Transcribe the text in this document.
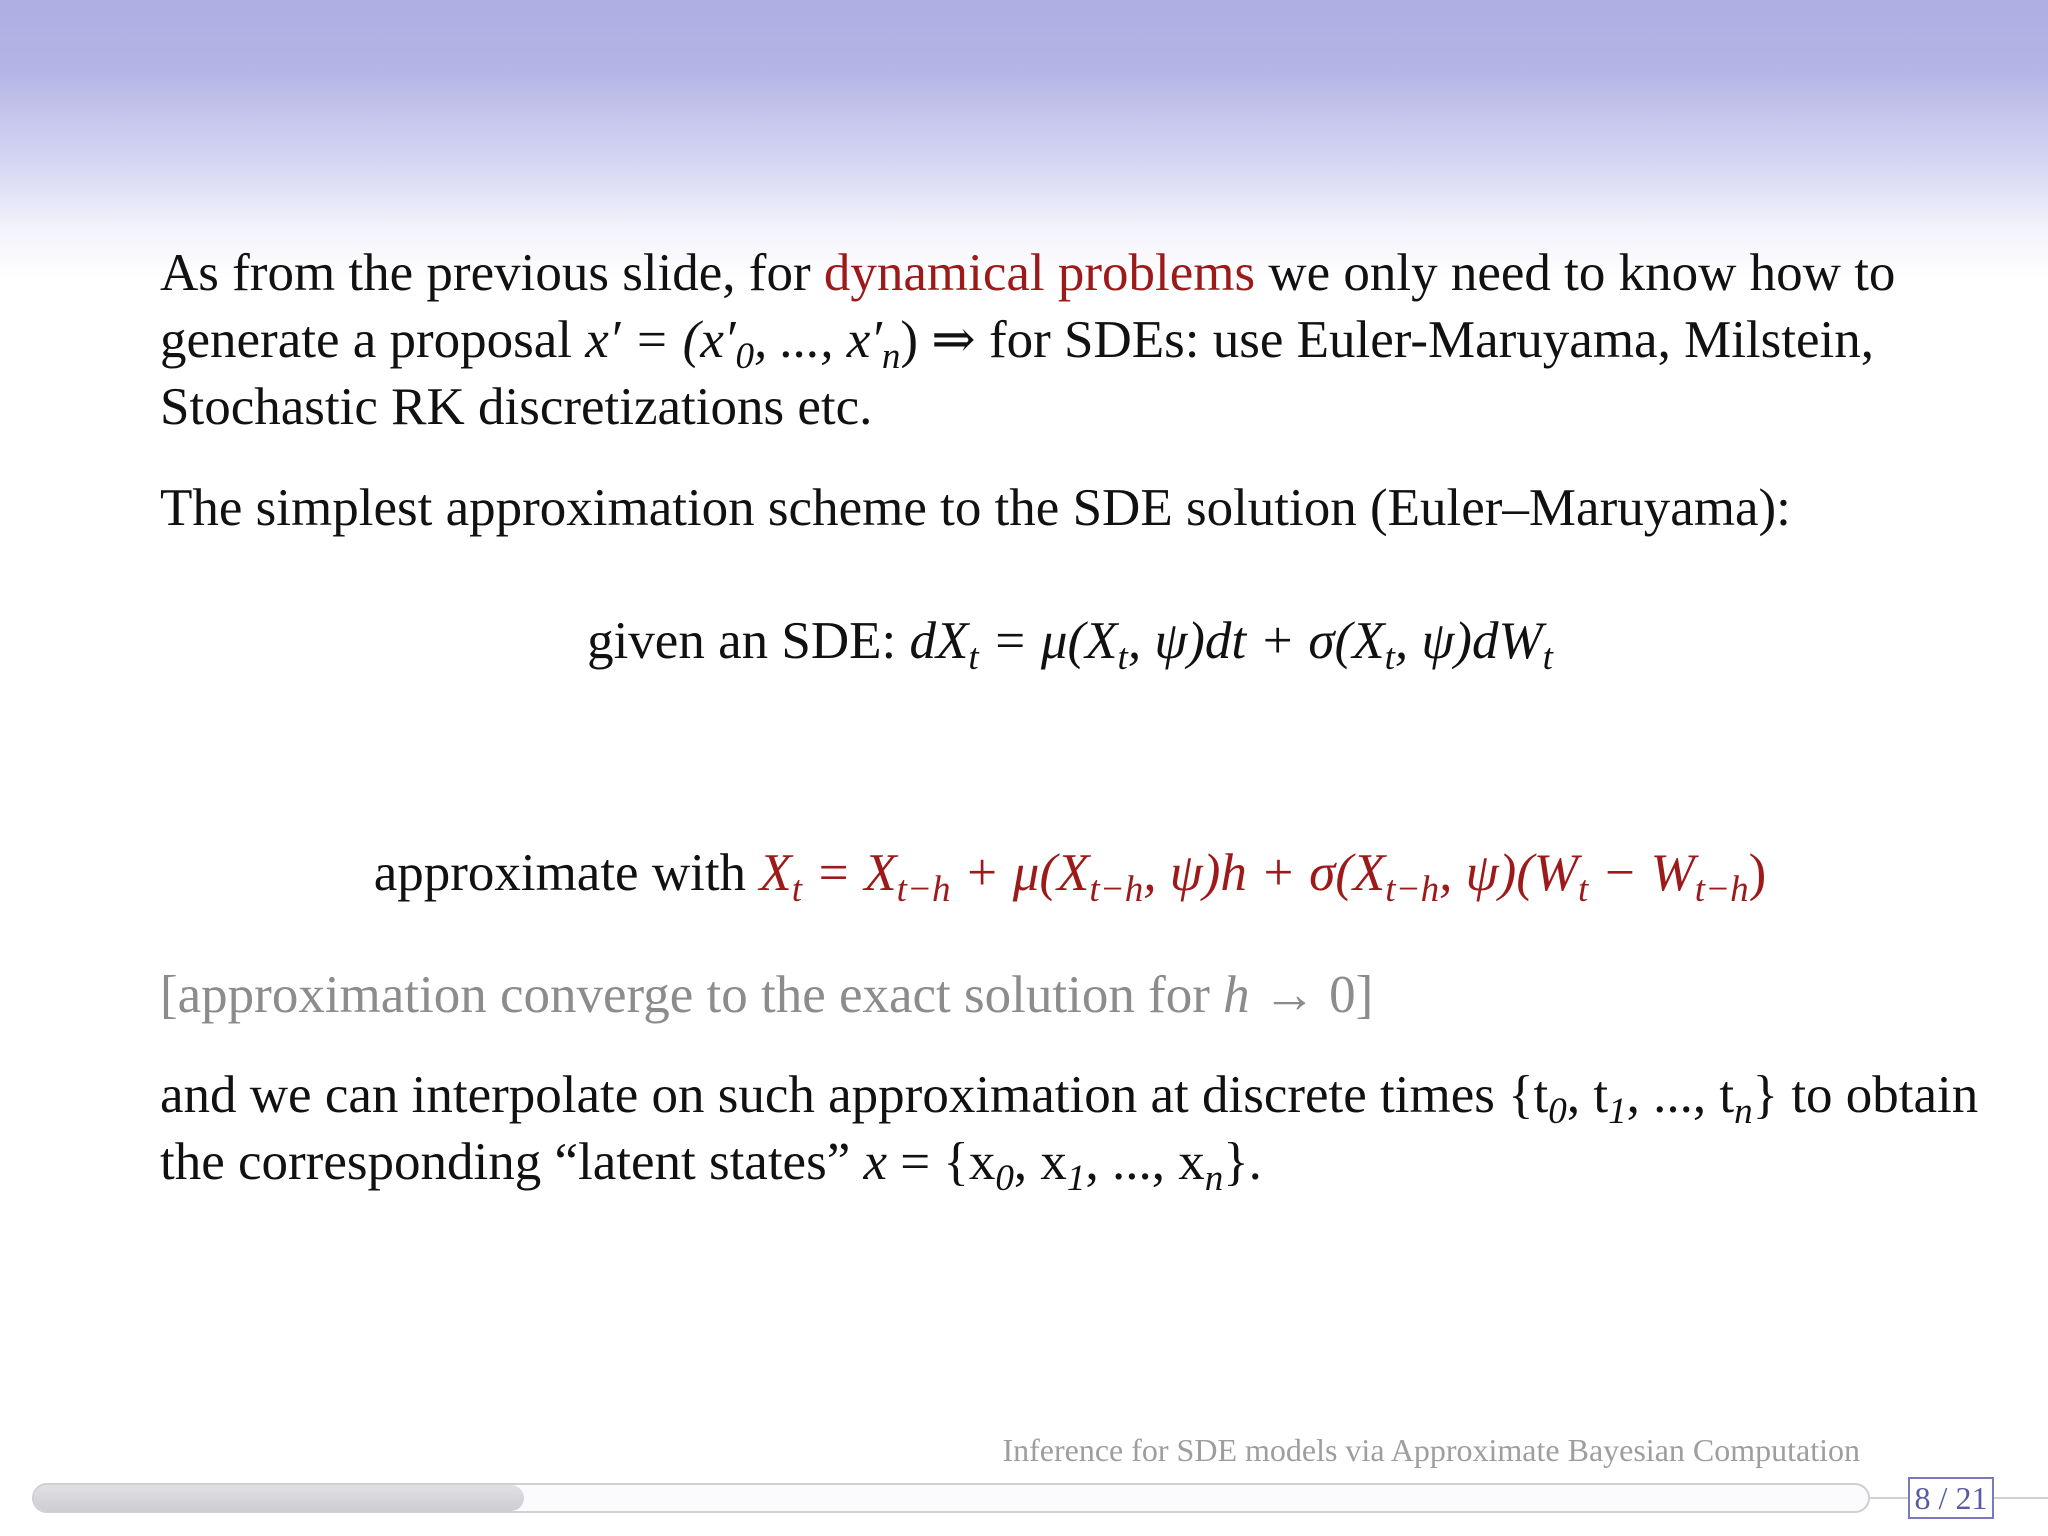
As from the previous slide, for dynamical problems we only need to know how to generate a proposal $x' = (x'_0$, ..., $x'_n$) ⇒ for SDEs: use Euler-Maruyama, Milstein, Stochastic RK discretizations etc.

The simplest approximation scheme to the SDE solution (Euler–Maruyama):

given an SDE: $dX_t = \mu(X_t$, $\psi)dt + \sigma(X_t$, $\psi)dW_t$
approximate with $X_t = X_{t-h} + \mu(X_{t-h}$, $\psi)h + \sigma(X_{t-h}$, $\psi)(W_t - W_{t-h})$
[approximation converge to the exact solution for h → 0]
and we can interpolate on such approximation at discrete times {$t_0$, $t_1$, ..., $t_n$} to obtain the corresponding “latent states” $x = \{x_0$, $x_1$, ..., $x_n$}.
Inference for SDE models via Approximate Bayesian Computation
8 / 21
